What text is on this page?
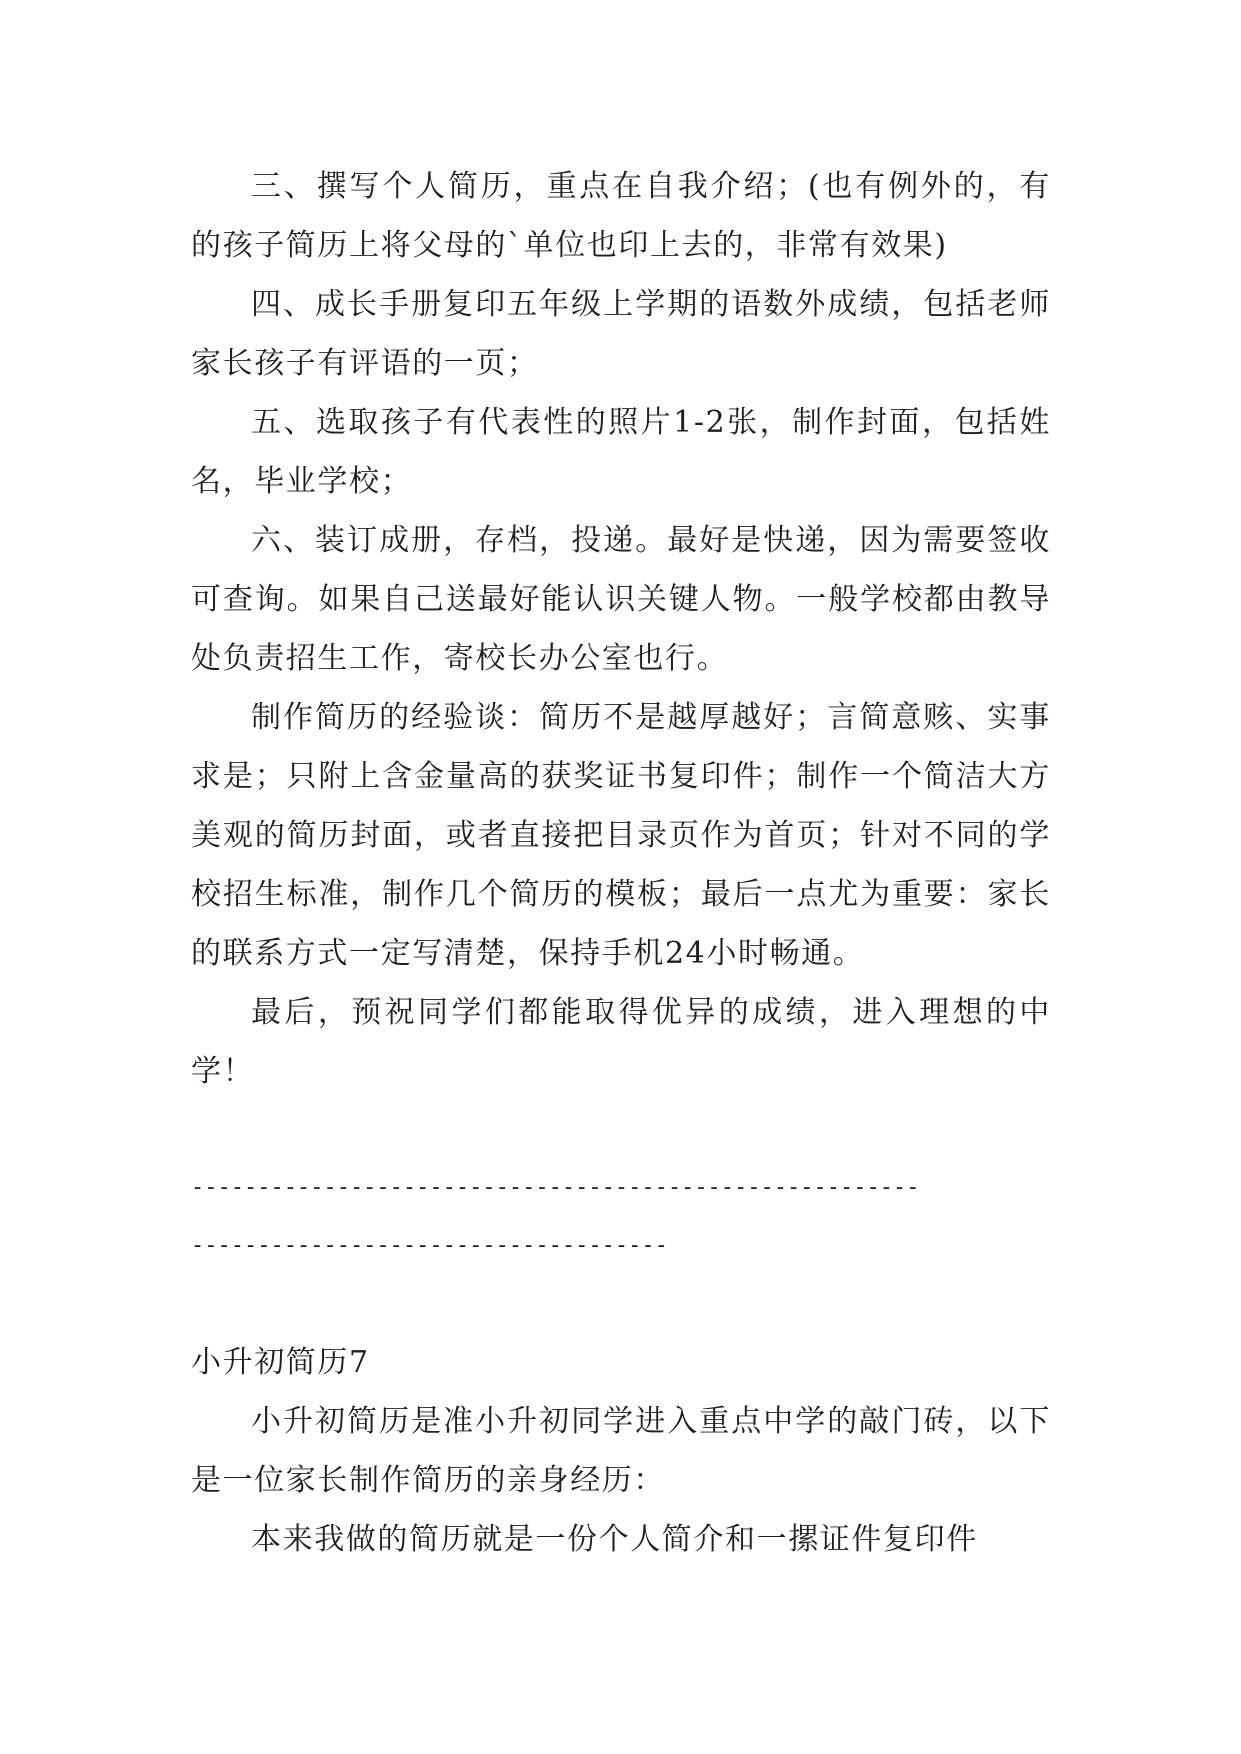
三、撰写个人简历，重点在自我介绍；(也有例外的，有的孩子简历上将父母的`单位也印上去的，非常有效果)

四、成长手册复印五年级上学期的语数外成绩，包括老师家长孩子有评语的一页；

五、选取孩子有代表性的照片1-2张，制作封面，包括姓名，毕业学校；

六、装订成册，存档，投递。最好是快递，因为需要签收可查询。如果自己送最好能认识关键人物。一般学校都由教导处负责招生工作，寄校长办公室也行。

制作简历的经验谈：简历不是越厚越好；言简意赅、实事求是；只附上含金量高的获奖证书复印件；制作一个简洁大方美观的简历封面，或者直接把目录页作为首页；针对不同的学校招生标准，制作几个简历的模板；最后一点尤为重要：家长的联系方式一定写清楚，保持手机24小时畅通。

最后，预祝同学们都能取得优异的成绩，进入理想的中学！

-------------------------------------------------------

------------------------------------

小升初简历7

小升初简历是准小升初同学进入重点中学的敲门砖，以下是一位家长制作简历的亲身经历：

本来我做的简历就是一份个人简介和一摞证件复印件
